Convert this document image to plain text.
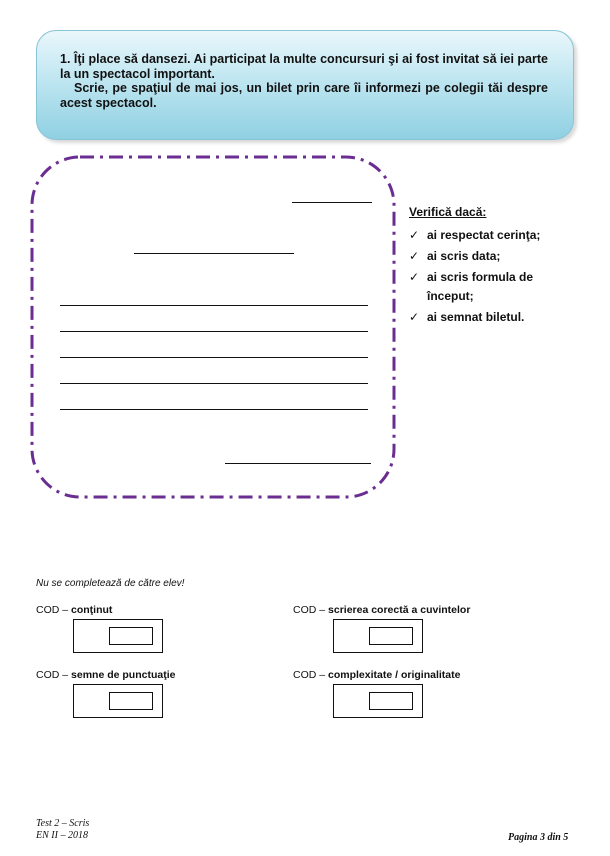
1. Îţi place să dansezi. Ai participat la multe concursuri şi ai fost invitat să iei parte la un spectacol important.

Scrie, pe spaţiul de mai jos, un bilet prin care îi informezi pe colegii tăi despre acest spectacol.

Verifică dacă:
✓ ai respectat cerinţa;
✓ ai scris data;
✓ ai scris formula de
început;
✓ ai semnat biletul.
Nu se completează de către elev!
COD – conţinut	COD – scrierea corectă a cuvintelor
COD – semne de punctuaţie	COD – complexitate / originalitate
Test 2 – Scris
EN II – 2018	Pagina 3 din 5
